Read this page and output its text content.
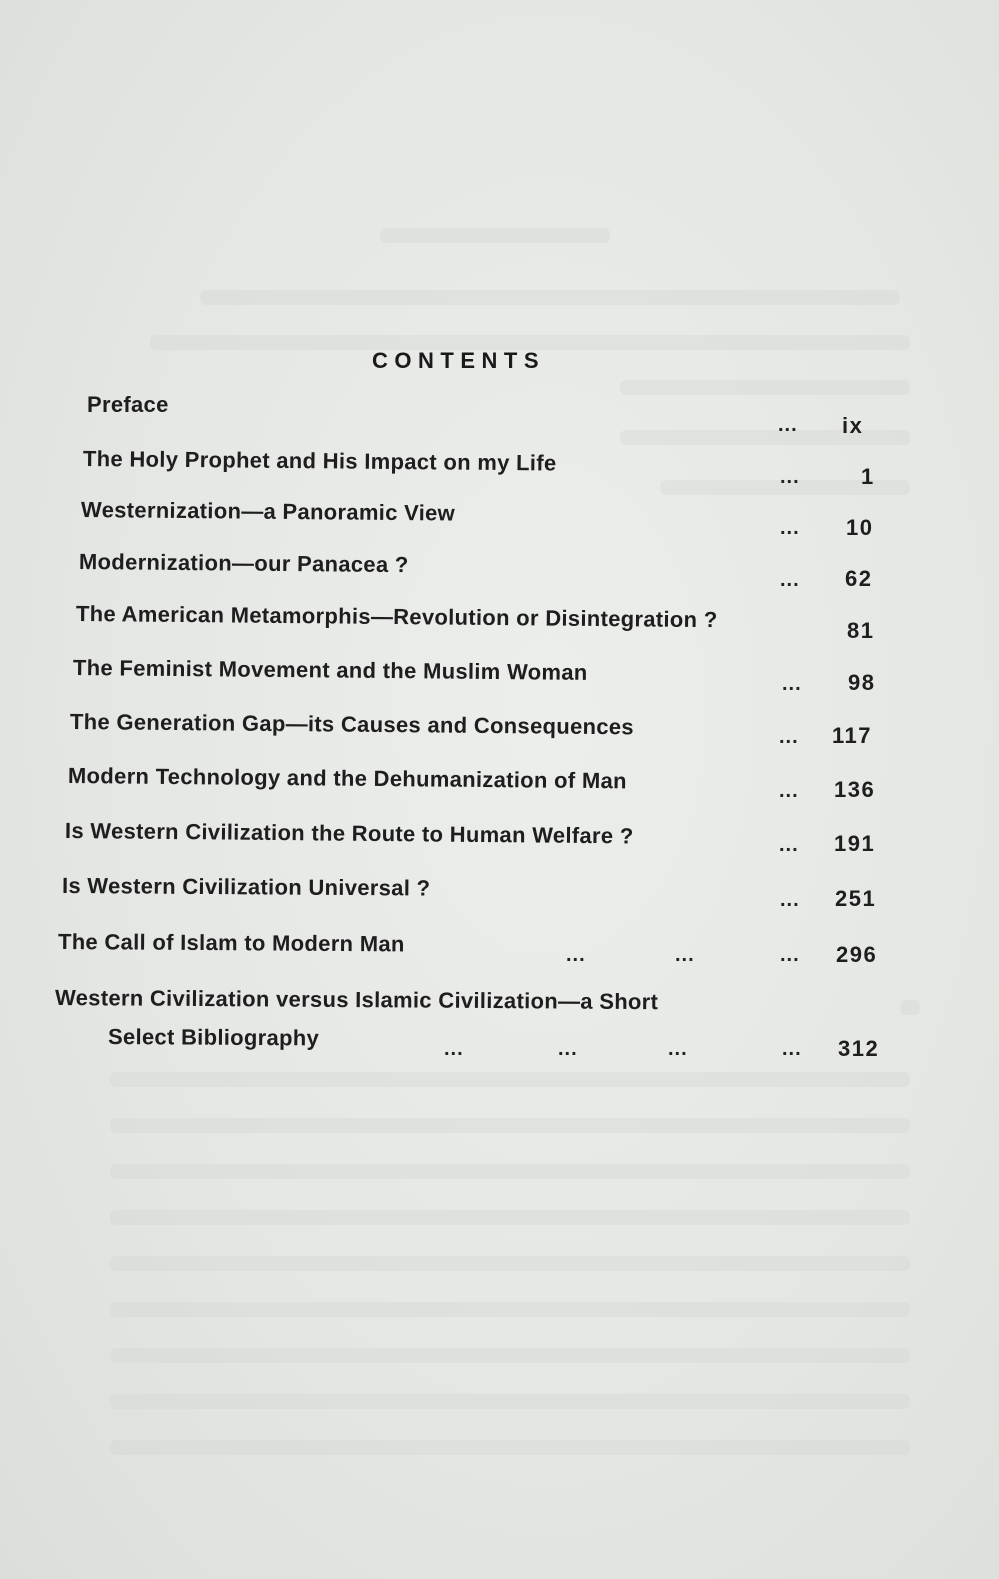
CONTENTS
Preface
... ix
The Holy Prophet and His Impact on my Life
...	1
Westernization—a Panoramic View
... 10
Modernization—our Panacea ?
... 62
The American Metamorphis—Revolution or Disintegration ?	81
The Feminist Movement and the Muslim Woman	... 98
The Generation Gap—its Causes and Consequences	... 117
Modern Technology and the Dehumanization of Man	... 136
Is Western Civilization the Route to Human Welfare ?	... 191
Is Western Civilization Universal ?	... 251
The Call of Islam to Modern Man	...	...	... 296
Western Civilization versus Islamic Civilization—a Short
Select Bibliography	...	...	...	... 312
